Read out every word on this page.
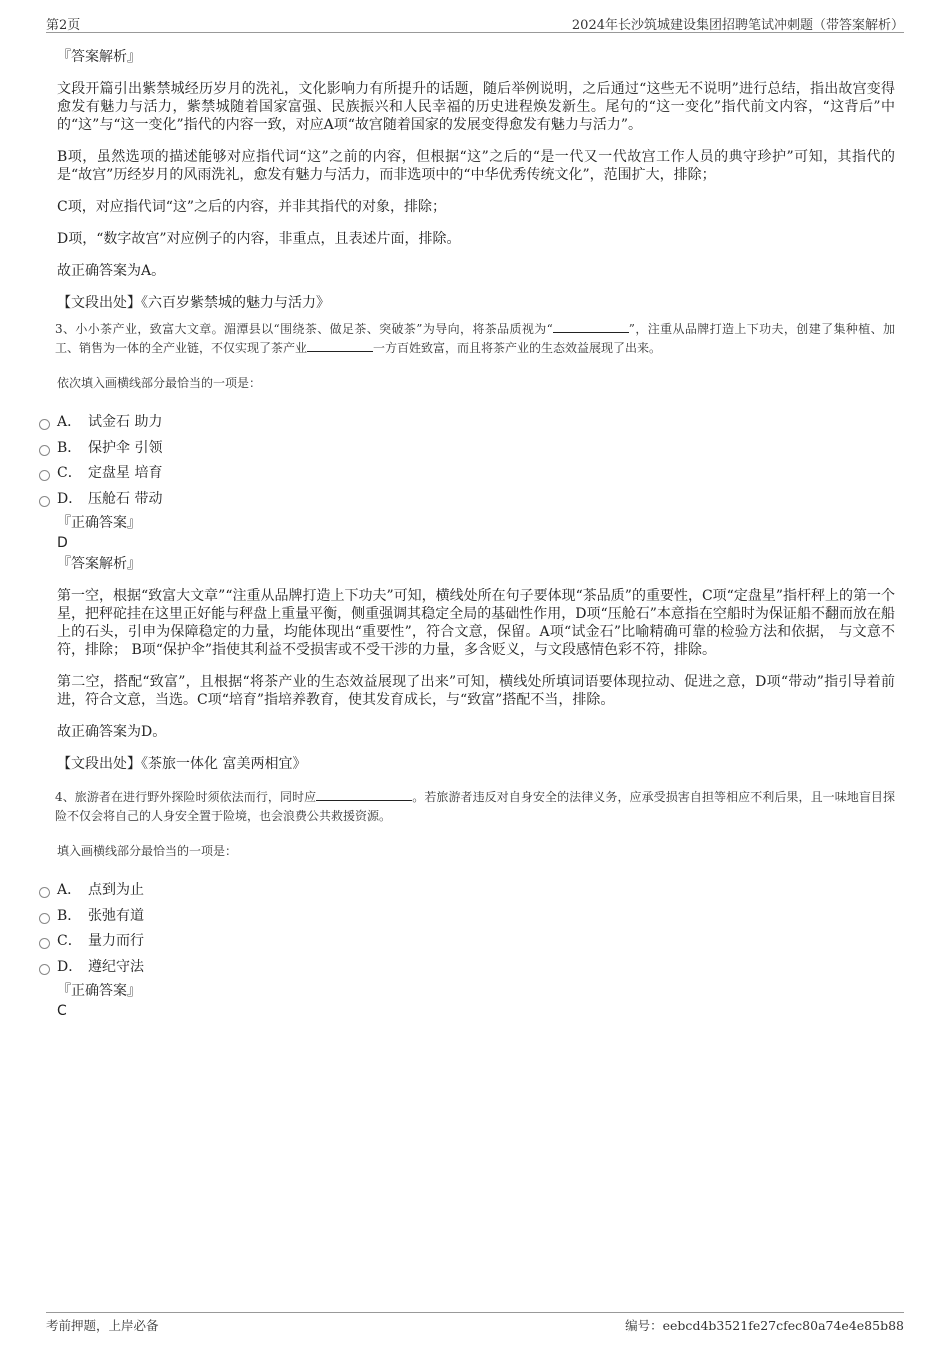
第2页	2024年长沙筑城建设集团招聘笔试冲刺题（带答案解析）

『答案解析』

文段开篇引出紫禁城经历岁月的洗礼，文化影响力有所提升的话题，随后举例说明，之后通过“这些无不说明”进行总结，指出故宫变得愈发有魅力与活力，紫禁城随着国家富强、民族振兴和人民幸福的历史进程焕发新生。尾句的“这一变化”指代前文内容，“这背后”中的“这”与“这一变化”指代的内容一致，对应A项“故宫随着国家的发展变得愈发有魅力与活力”。

B项，虽然选项的描述能够对应指代词“这”之前的内容，但根据“这”之后的“是一代又一代故宫工作人员的典守珍护”可知，其指代的是“故宫”历经岁月的风雨洗礼，愈发有魅力与活力，而非选项中的“中华优秀传统文化”，范围扩大，排除；

C项，对应指代词“这”之后的内容，并非其指代的对象，排除；

D项，“数字故宫”对应例子的内容，非重点，且表述片面，排除。

故正确答案为A。

【文段出处】《六百岁紫禁城的魅力与活力》

3、小小茶产业，致富大文章。湄潭县以“围绕茶、做足茶、突破茶”为导向，将茶品质视为“	”，注重从品牌打造上下功夫，创建了集种植、加工、销售为一体的全产业链，不仅实现了茶产业	一方百姓致富，而且将茶产业的生态效益展现了出来。

依次填入画横线部分最恰当的一项是：

A． 试金石 助力
B． 保护伞 引领
C． 定盘星 培育
D． 压舱石 带动

『正确答案』

D

『答案解析』

第一空，根据“致富大文章”“注重从品牌打造上下功夫”可知，横线处所在句子要体现“茶品质”的重要性，C项“定盘星”指杆秤上的第一个星，把秤砣挂在这里正好能与秤盘上重量平衡，侧重强调其稳定全局的基础性作用，D项“压舱石”本意指在空船时为保证船不翻而放在船上的石头，引申为保障稳定的力量，均能体现出“重要性”，符合文意，保留。A项“试金石”比喻精确可靠的检验方法和依据， 与文意不符，排除； B项“保护伞”指使其利益不受损害或不受干涉的力量，多含贬义，与文段感情色彩不符，排除。

第二空，搭配“致富”，且根据“将茶产业的生态效益展现了出来”可知，横线处所填词语要体现拉动、促进之意，D项“带动”指引导着前进，符合文意，当选。C项“培育”指培养教育，使其发育成长，与“致富”搭配不当，排除。

故正确答案为D。

【文段出处】《茶旅一体化 富美两相宜》

4、旅游者在进行野外探险时须依法而行，同时应	。若旅游者违反对自身安全的法律义务，应承受损害自担等相应不利后果，且一味地盲目探险不仅会将自己的人身安全置于险境，也会浪费公共救援资源。

填入画横线部分最恰当的一项是：

A． 点到为止
B． 张弛有道
C． 量力而行
D． 遵纪守法

『正确答案』

C

考前押题，上岸必备	编号：eebcd4b3521fe27cfec80a74e4e85b88
